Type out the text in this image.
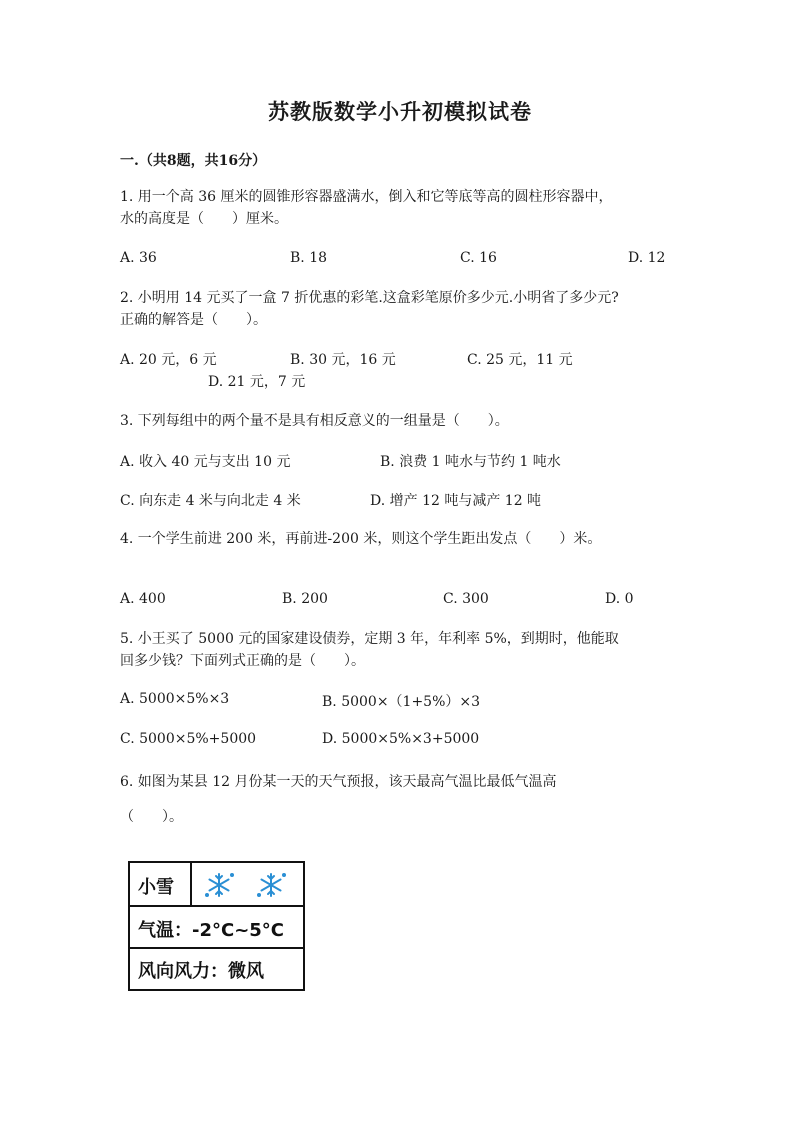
苏教版数学小升初模拟试卷
一.（共8题，共16分）
1. 用一个高 36 厘米的圆锥形容器盛满水，倒入和它等底等高的圆柱形容器中，
水的高度是（　　）厘米。
A. 36	B. 18	C. 16	D. 12
2. 小明用 14 元买了一盒 7 折优惠的彩笔.这盒彩笔原价多少元.小明省了多少元?
正确的解答是（　　）。
A. 20 元，6 元	B. 30 元，16 元	C. 25 元，11 元
D. 21 元，7 元
3. 下列每组中的两个量不是具有相反意义的一组量是（　　）。
A. 收入 40 元与支出 10 元	B. 浪费 1 吨水与节约 1 吨水
C. 向东走 4 米与向北走 4 米	D. 增产 12 吨与减产 12 吨
4. 一个学生前进 200 米，再前进-200 米，则这个学生距出发点（　　）米。
A. 400	B. 200	C. 300	D. 0
5. 小王买了 5000 元的国家建设债券，定期 3 年，年利率 5%，到期时，他能取
回多少钱？下面列式正确的是（　　）。
A. 5000×5%×3	B. 5000×（1+5%）×3
C. 5000×5%+5000	D. 5000×5%×3+5000
6. 如图为某县 12 月份某一天的天气预报，该天最高气温比最低气温高
（　　）。
小雪
气温：-2°C~5°C
风向风力：微风
